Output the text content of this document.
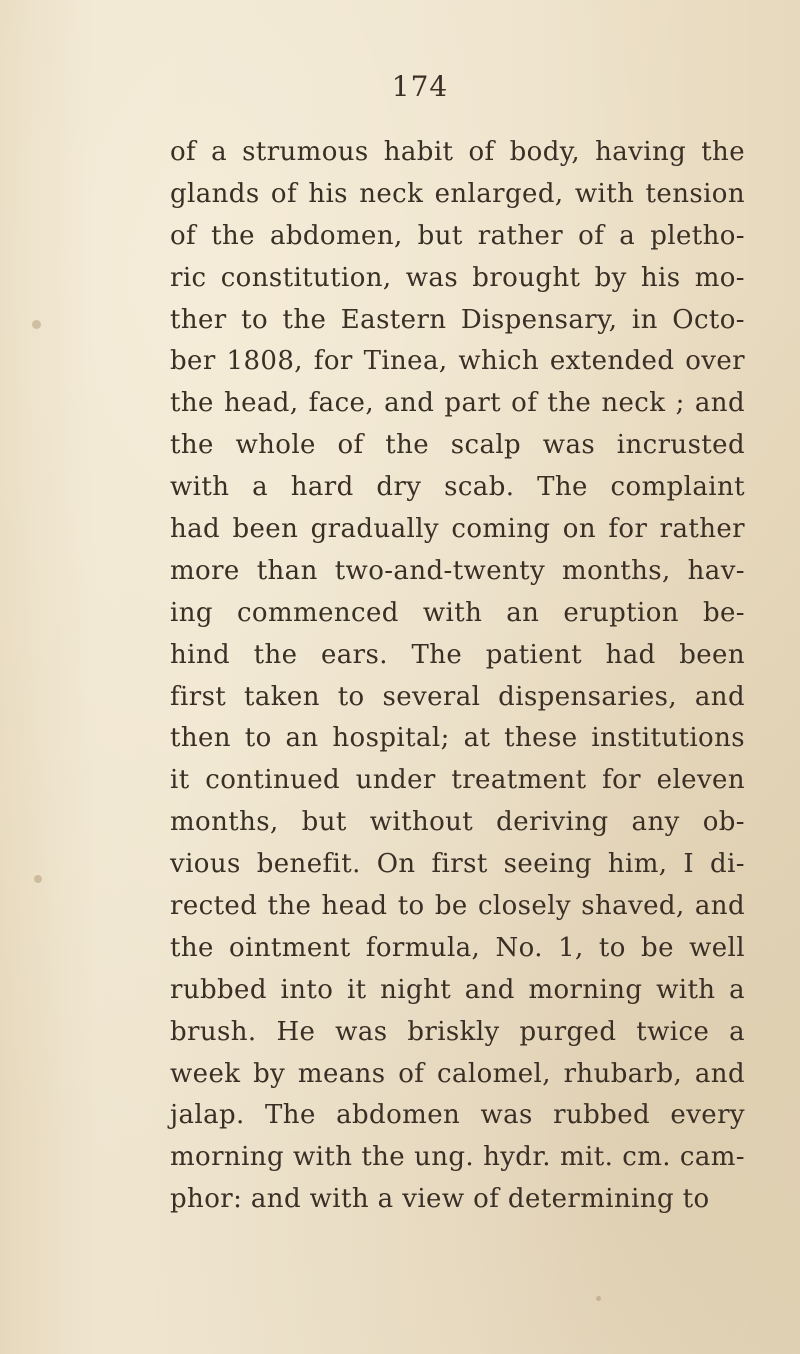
174
of a strumous habit of body, having the
glands of his neck enlarged, with tension
of the abdomen, but rather of a pletho-
ric constitution, was brought by his mo-
ther to the Eastern Dispensary, in Octo-
ber 1808, for Tinea, which extended over
the head, face, and part of the neck ; and
the whole of the scalp was incrusted
with a hard dry scab. The complaint
had been gradually coming on for rather
more than two-and-twenty months, hav-
ing commenced with an eruption be-
hind the ears. The patient had been
first taken to several dispensaries, and
then to an hospital; at these institutions
it continued under treatment for eleven
months, but without deriving any ob-
vious benefit. On first seeing him, I di-
rected the head to be closely shaved, and
the ointment formula, No. 1, to be well
rubbed into it night and morning with a
brush. He was briskly purged twice a
week by means of calomel, rhubarb, and
jalap. The abdomen was rubbed every
morning with the ung. hydr. mit. cm. cam-
phor: and with a view of determining to
